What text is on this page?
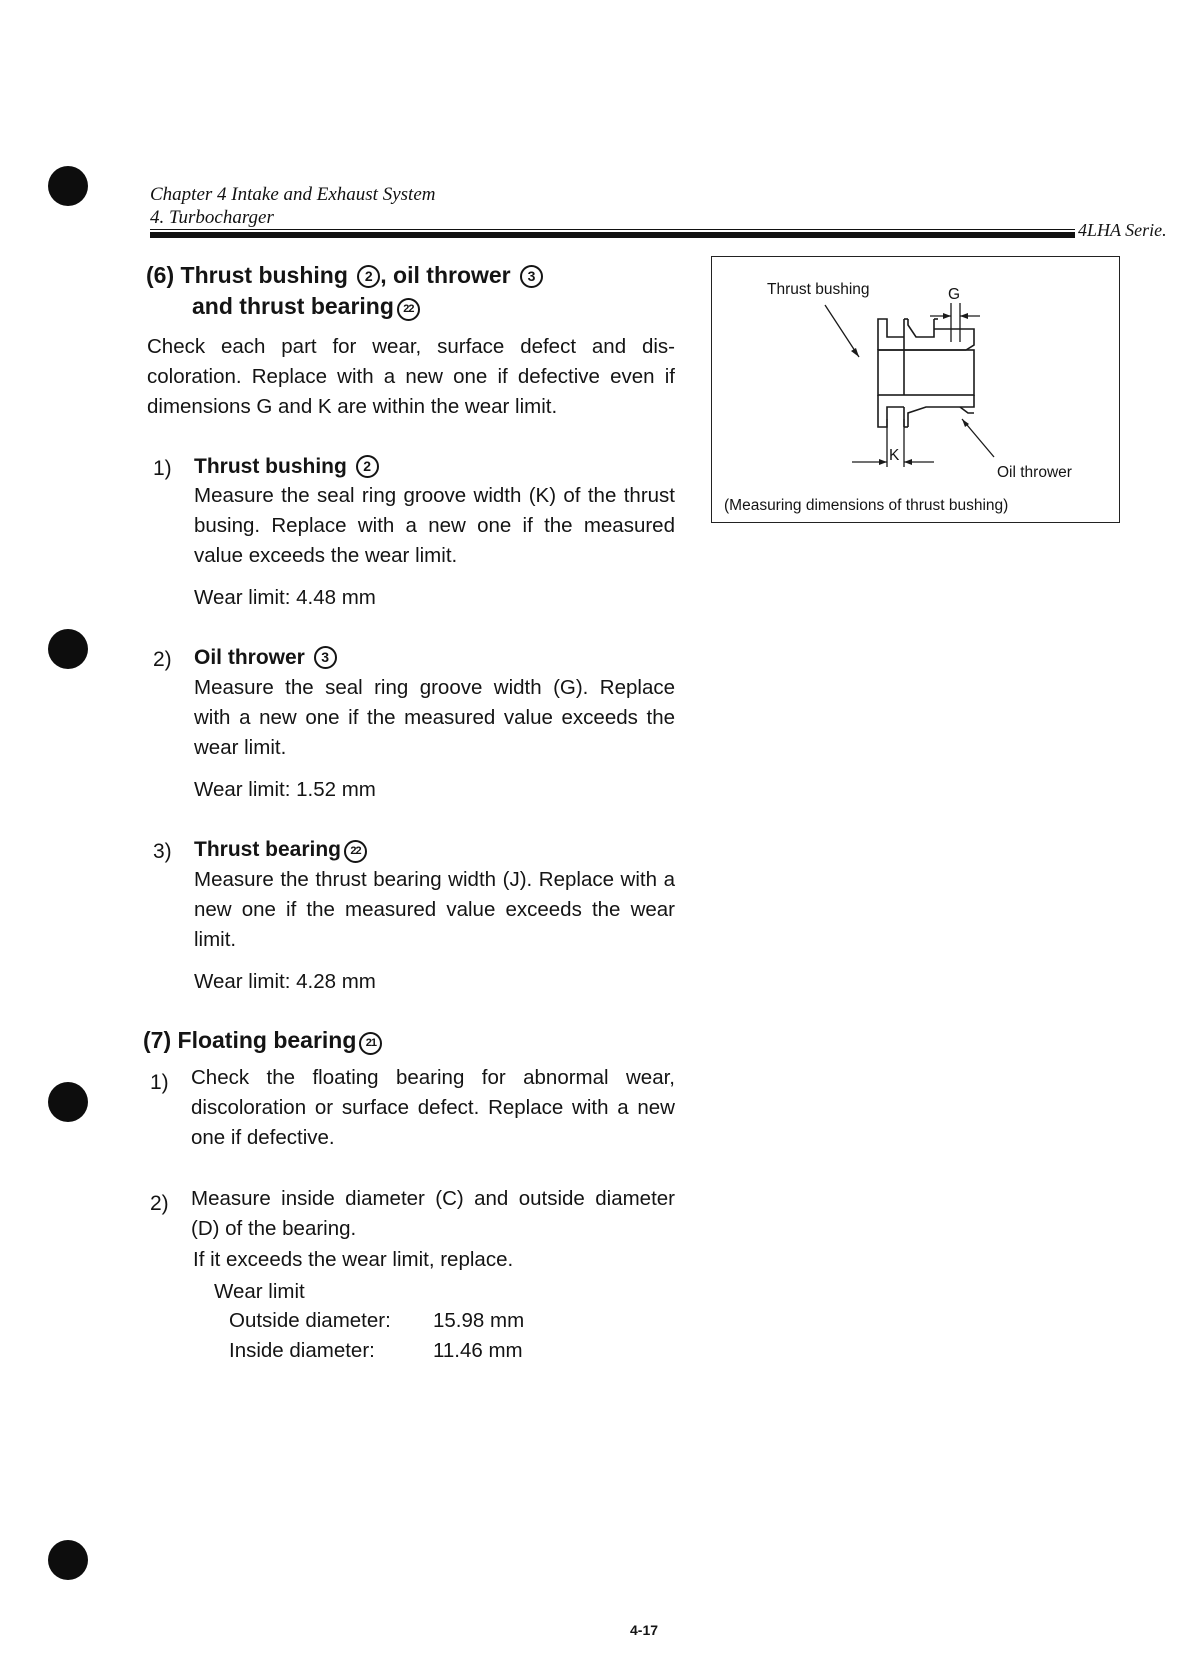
Chapter 4 Intake and Exhaust System
4. Turbocharger
4LHA Serie.
(6) Thrust bushing 2 , oil thrower 3
and thrust bearing 22
Check each part for wear, surface defect and dis-coloration. Replace with a new one if defective even if dimensions G and K are within the wear limit.
1) Thrust bushing 2
Measure the seal ring groove width (K) of the thrust busing. Replace with a new one if the measured value exceeds the wear limit.
Wear limit: 4.48 mm
2) Oil thrower 3
Measure the seal ring groove width (G). Replace with a new one if the measured value exceeds the wear limit.
Wear limit: 1.52 mm
3) Thrust bearing 22
Measure the thrust bearing width (J). Replace with a new one if the measured value exceeds the wear limit.
Wear limit: 4.28 mm
(7) Floating bearing 21
1) Check the floating bearing for abnormal wear, discoloration or surface defect. Replace with a new one if defective.
2) Measure inside diameter (C) and outside diameter (D) of the bearing.
If it exceeds the wear limit, replace.
Wear limit
Outside diameter: 15.98 mm
Inside diameter:	11.46 mm
Thrust bushing	G
K
Oil thrower
(Measuring dimensions of thrust bushing)
4-17
